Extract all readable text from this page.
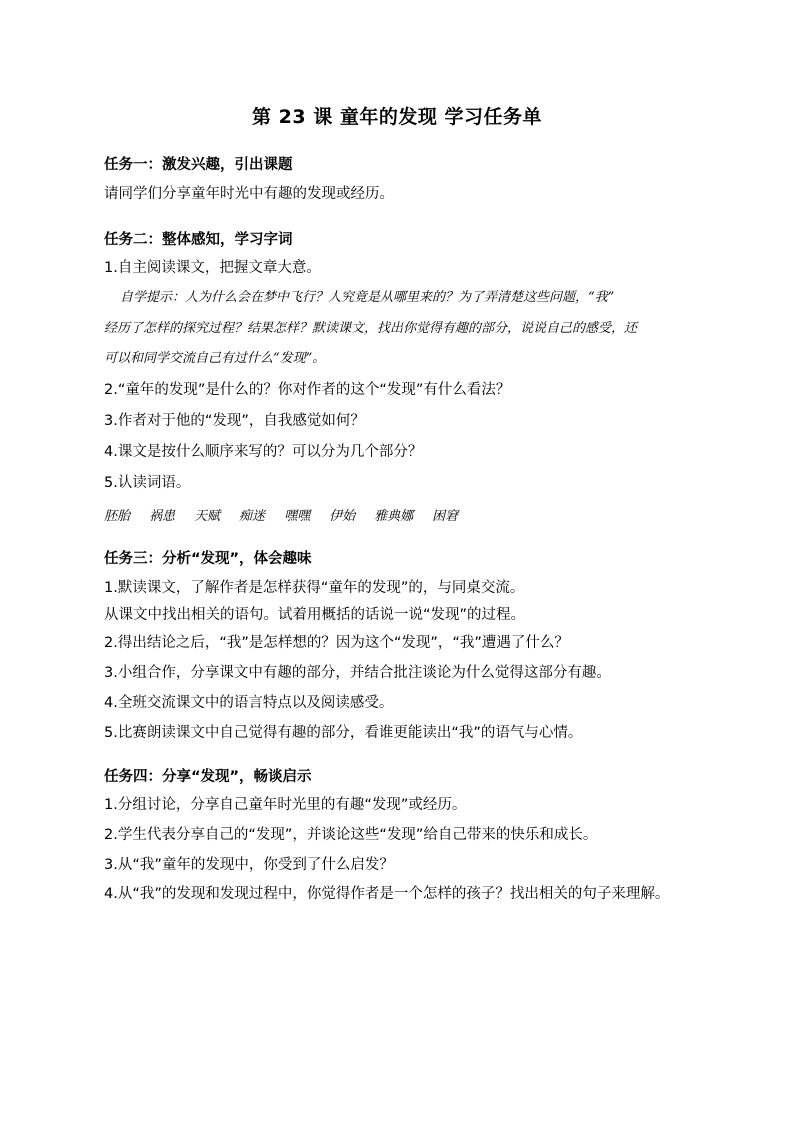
第 23 课 童年的发现 学习任务单
任务一：激发兴趣，引出课题
请同学们分享童年时光中有趣的发现或经历。
任务二：整体感知，学习字词
1.自主阅读课文，把握文章大意。
自学提示：人为什么会在梦中飞行？人究竟是从哪里来的？为了弄清楚这些问题，“我”
经历了怎样的探究过程？结果怎样？默读课文，找出你觉得有趣的部分，说说自己的感受，还
可以和同学交流自己有过什么“发现”。
2.“童年的发现”是什么的？你对作者的这个“发现”有什么看法？
3.作者对于他的“发现”，自我感觉如何？
4.课文是按什么顺序来写的？可以分为几个部分？
5.认读词语。
胚胎 祸患 天赋 痴迷 嘿嘿 伊始 雅典娜 困窘
任务三：分析“发现”，体会趣味
1.默读课文，了解作者是怎样获得“童年的发现”的，与同桌交流。
从课文中找出相关的语句。试着用概括的话说一说“发现”的过程。
2.得出结论之后，“我”是怎样想的？因为这个“发现”，“我”遭遇了什么？
3.小组合作，分享课文中有趣的部分，并结合批注谈论为什么觉得这部分有趣。
4.全班交流课文中的语言特点以及阅读感受。
5.比赛朗读课文中自己觉得有趣的部分，看谁更能读出“我”的语气与心情。
任务四：分享“发现”，畅谈启示
1.分组讨论，分享自己童年时光里的有趣“发现”或经历。
2.学生代表分享自己的“发现”，并谈论这些“发现”给自己带来的快乐和成长。
3.从“我”童年的发现中，你受到了什么启发？
4.从“我”的发现和发现过程中，你觉得作者是一个怎样的孩子？找出相关的句子来理解。
